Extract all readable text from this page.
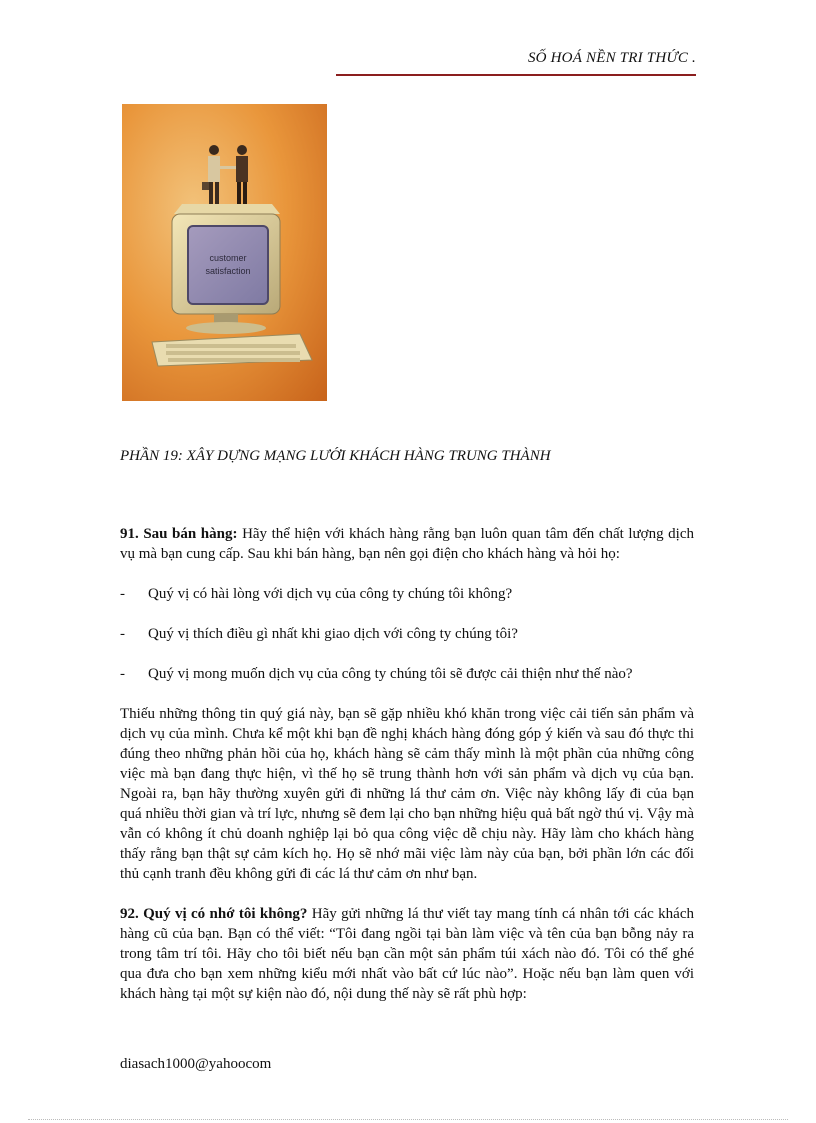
SỐ HOÁ NỀN TRI THỨC .
customer
satisfaction
PHẦN 19: XÂY DỰNG MẠNG LƯỚI KHÁCH HÀNG TRUNG THÀNH

91. Sau bán hàng: Hãy thể hiện với khách hàng rằng bạn luôn quan tâm đến chất lượng dịch vụ mà bạn cung cấp. Sau khi bán hàng, bạn nên gọi điện cho khách hàng và hỏi họ:

-	Quý vị có hài lòng với dịch vụ của công ty chúng tôi không?
-	Quý vị thích điều gì nhất khi giao dịch với công ty chúng tôi?
-	Quý vị mong muốn dịch vụ của công ty chúng tôi sẽ được cải thiện như thế nào?

Thiếu những thông tin quý giá này, bạn sẽ gặp nhiều khó khăn trong việc cải tiến sản phẩm và dịch vụ của mình. Chưa kể một khi bạn đề nghị khách hàng đóng góp ý kiến và sau đó thực thi đúng theo những phản hồi của họ, khách hàng sẽ cảm thấy mình là một phần của những công việc mà bạn đang thực hiện, vì thế họ sẽ trung thành hơn với sản phẩm và dịch vụ của bạn. Ngoài ra, bạn hãy thường xuyên gửi đi những lá thư cảm ơn. Việc này không lấy đi của bạn quá nhiều thời gian và trí lực, nhưng sẽ đem lại cho bạn những hiệu quả bất ngờ thú vị. Vậy mà vẫn có không ít chủ doanh nghiệp lại bỏ qua công việc dễ chịu này. Hãy làm cho khách hàng thấy rằng bạn thật sự cảm kích họ. Họ sẽ nhớ mãi việc làm này của bạn, bởi phần lớn các đối thủ cạnh tranh đều không gửi đi các lá thư cảm ơn như bạn.

92. Quý vị có nhớ tôi không? Hãy gửi những lá thư viết tay mang tính cá nhân tới các khách hàng cũ của bạn. Bạn có thể viết: “Tôi đang ngồi tại bàn làm việc và tên của bạn bỗng nảy ra trong tâm trí tôi. Hãy cho tôi biết nếu bạn cần một sản phẩm túi xách nào đó. Tôi có thể ghé qua đưa cho bạn xem những kiểu mới nhất vào bất cứ lúc nào”. Hoặc nếu bạn làm quen với khách hàng tại một sự kiện nào đó, nội dung thế này sẽ rất phù hợp:

diasach1000@yahoocom
